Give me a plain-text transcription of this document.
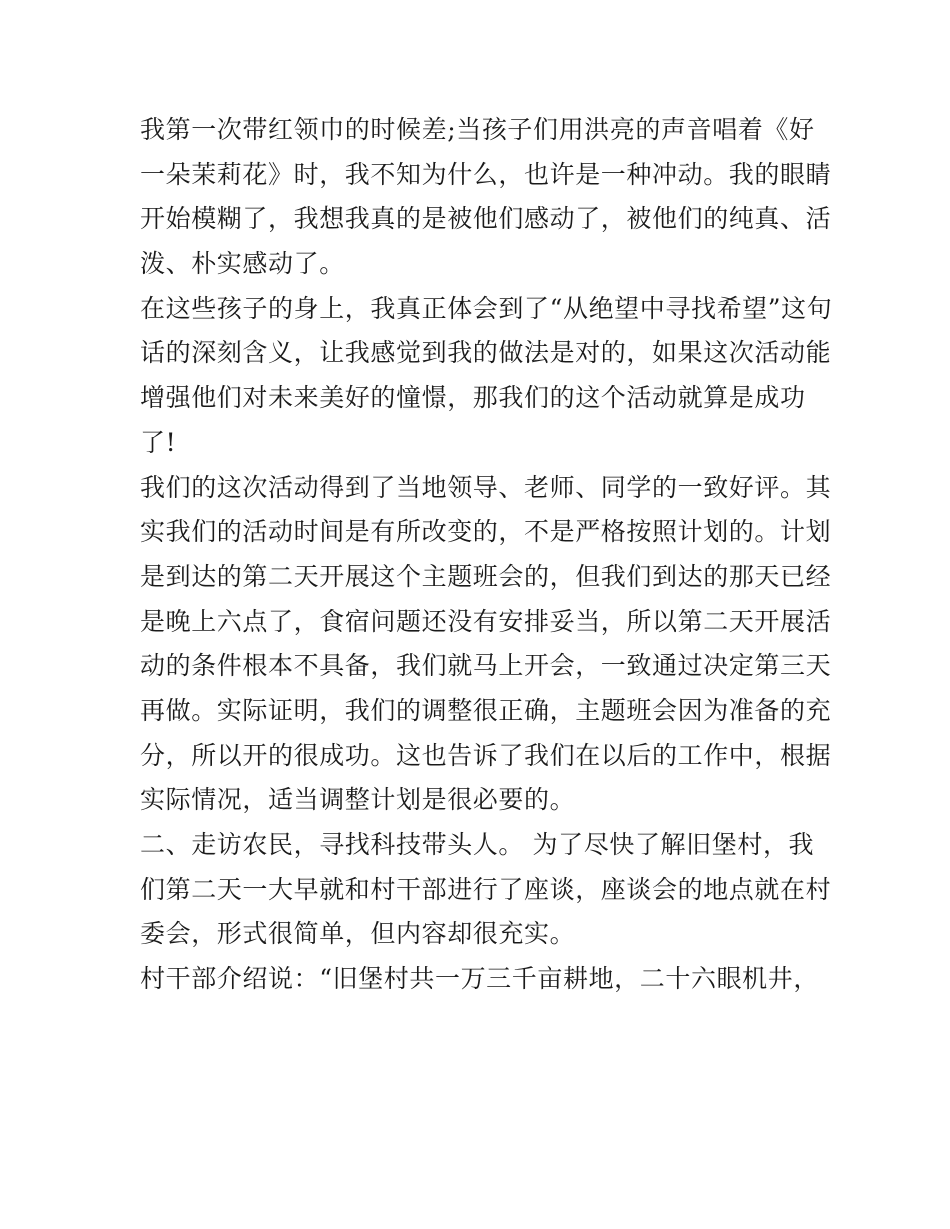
我第一次带红领巾的时候差;当孩子们用洪亮的声音唱着《好
一朵茉莉花》时，我不知为什么，也许是一种冲动。我的眼睛
开始模糊了，我想我真的是被他们感动了，被他们的纯真、活
泼、朴实感动了。
在这些孩子的身上，我真正体会到了“从绝望中寻找希望”这句
话的深刻含义，让我感觉到我的做法是对的，如果这次活动能
增强他们对未来美好的憧憬，那我们的这个活动就算是成功
了!
我们的这次活动得到了当地领导、老师、同学的一致好评。其
实我们的活动时间是有所改变的，不是严格按照计划的。计划
是到达的第二天开展这个主题班会的，但我们到达的那天已经
是晚上六点了，食宿问题还没有安排妥当，所以第二天开展活
动的条件根本不具备，我们就马上开会，一致通过决定第三天
再做。实际证明，我们的调整很正确，主题班会因为准备的充
分，所以开的很成功。这也告诉了我们在以后的工作中，根据
实际情况，适当调整计划是很必要的。
二、走访农民，寻找科技带头人。 为了尽快了解旧堡村，我
们第二天一大早就和村干部进行了座谈，座谈会的地点就在村
委会，形式很简单，但内容却很充实。
村干部介绍说：“旧堡村共一万三千亩耕地，二十六眼机井，
